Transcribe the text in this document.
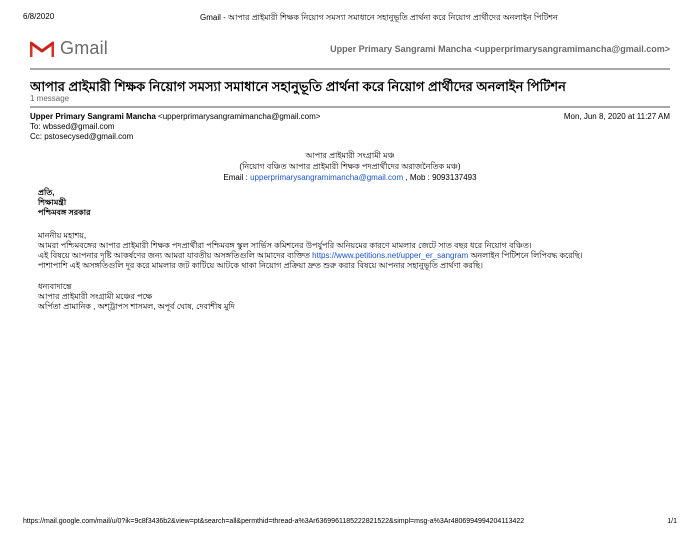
6/8/2020	Gmail - আপার প্রাইমারী শিক্ষক নিয়োগ সমস্যা সমাধানে সহানুভূতি প্রার্থনা করে নিয়োগ প্রার্থীদের অনলাইন পিটিশন
Gmail	Upper Primary Sangrami Mancha <upperprimarysangramimancha@gmail.com>
আপার প্রাইমারী শিক্ষক নিয়োগ সমস্যা সমাধানে সহানুভূতি প্রার্থনা করে নিয়োগ প্রার্থীদের অনলাইন পিটিশন
1 message
Upper Primary Sangrami Mancha <upperprimarysangramimancha@gmail.com>	Mon, Jun 8, 2020 at 11:27 AM
To: wbssed@gmail.com
Cc: pstosecysed@gmail.com
আপার প্রাইমারী সংগ্রামী মঞ্চ
(নিয়োগ বঞ্চিত আপার প্রাইমারী শিক্ষক পদপ্রার্থীদের অরাজনৈতিক মঞ্চ)
Email : upperprimarysangramimancha@gmail.com , Mob : 9093137493
প্রতি,
শিক্ষামন্ত্রী
পশ্চিমবঙ্গ সরকার
মাননীয় মহাশয়,
আমরা পশ্চিমবঙ্গের আপার প্রাইমারী শিক্ষক পদপ্রার্থীরা পশ্চিমবঙ্গ স্কুল সার্ভিস কমিশনের উপর্যুপরি অনিয়মের কারণে মামলার জেটে সাত বছর ধরে নিয়োগ বঞ্চিত।
এই বিষয়ে আপনার দৃষ্টি আকর্ষণের জন্য আমরা যাবতীয় অসঙ্গতিগুলি আমাদের ব্যক্তিত https://www.petitions.net/upper_er_sangram অনলাইন পিটিশনে লিপিবদ্ধ করেছি।
পাশাপাশি এই অসঙ্গতিগুলি দূর করে মামলার জট কাটিয়ে আটকে থাকা নিয়োগ প্রক্রিয়া দ্রুত শুরু করার বিষয়ে আপনার সহানুভূতি প্রার্থণা করছি।
ধন্যবাদান্তে
আপার প্রাইমারী সংগ্রামী মঞ্চের পক্ষে
অর্পিতা প্রামানিক , অশ্ট্রাপস শাসমল, অপূর্ব ঘোষ, দেবাশীষ মুদি
https://mail.google.com/mail/u/0?ik=9c8f3436b2&view=pt&search=all&permthid=thread-a%3Ar6369961185222821522&simpl=msg-a%3Ar4806994994204113422	1/1
